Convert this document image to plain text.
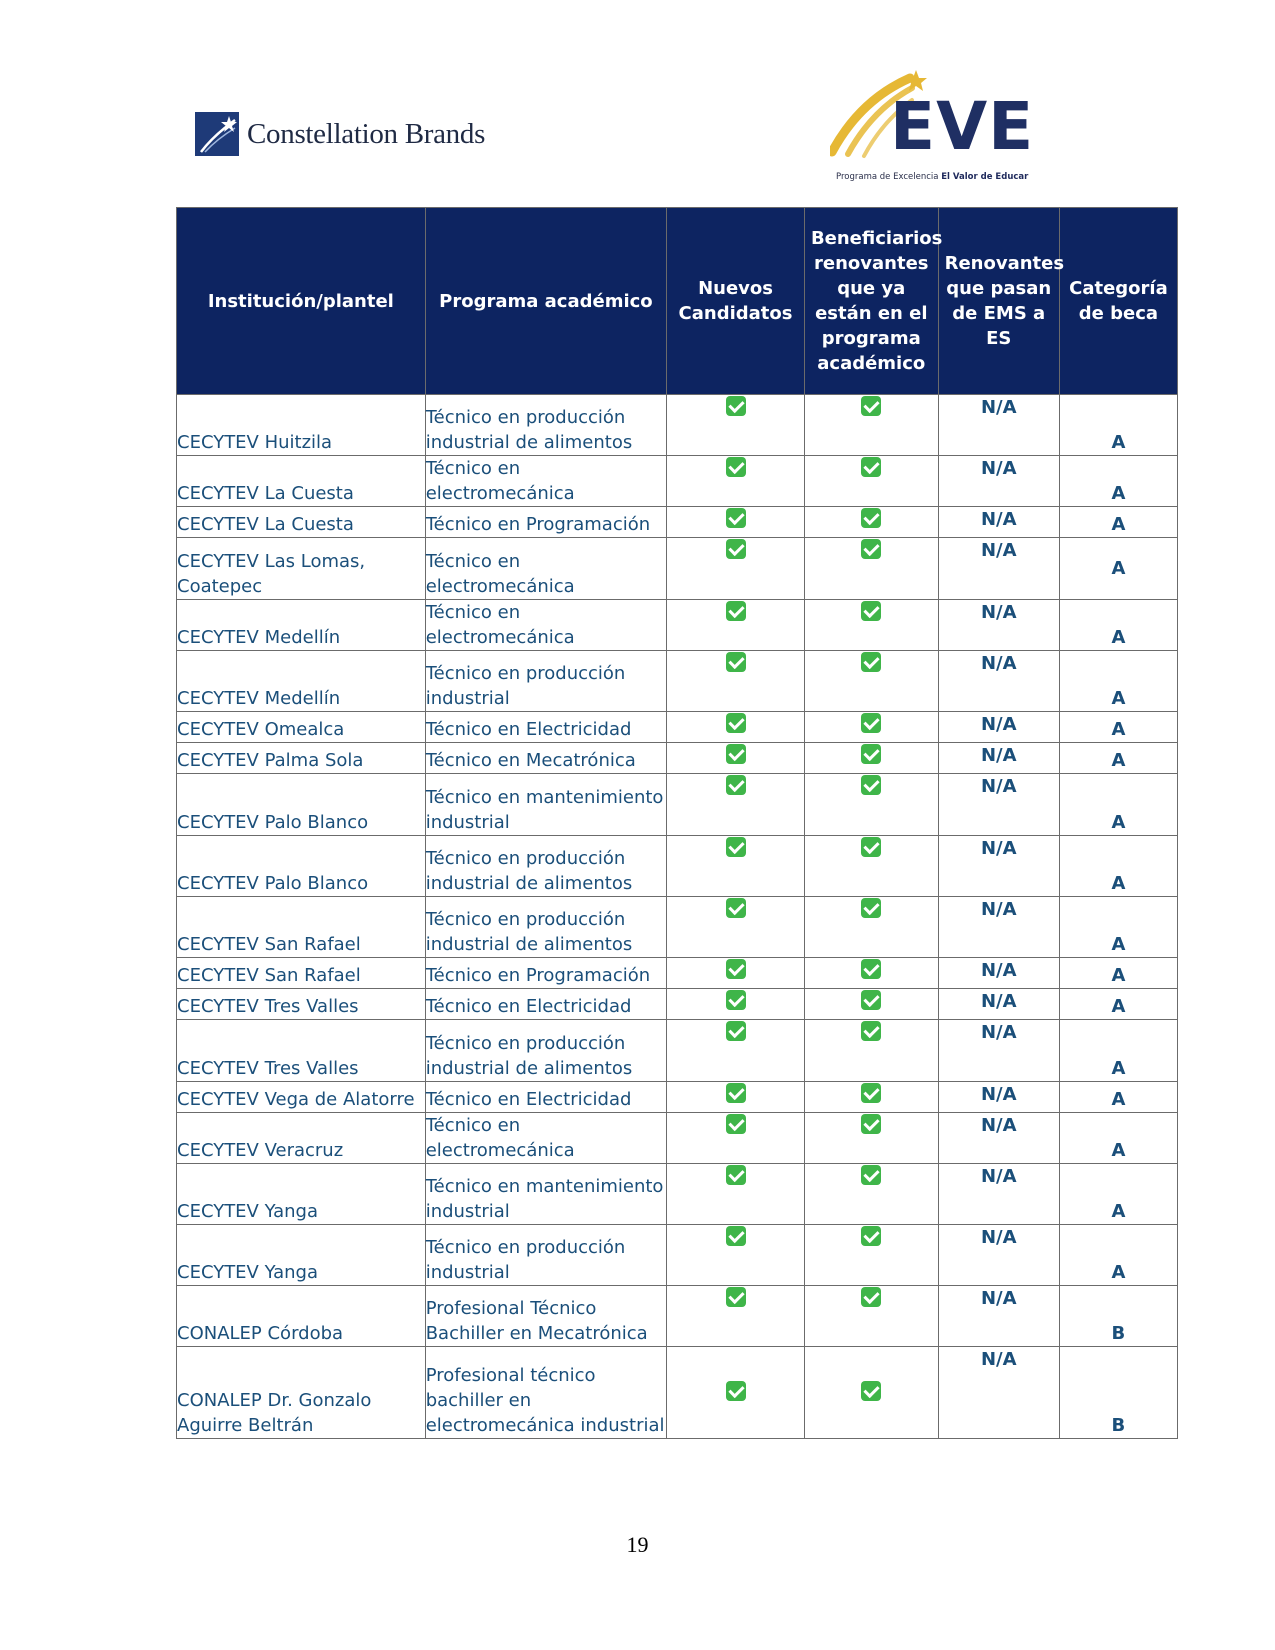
Constellation Brands	EVE
Programa de Excelencia El Valor de Educar
Institución/plantel	Programa académico	Nuevos Candidatos	Beneficiarios renovantes que ya están en el programa académico	Renovantes que pasan de EMS a ES	Categoría de beca
CECYTEV Huitzila	Técnico en producción industrial de alimentos			N/A	A
CECYTEV La Cuesta	Técnico en electromecánica			N/A	A
CECYTEV La Cuesta	Técnico en Programación			N/A	A
CECYTEV Las Lomas, Coatepec	Técnico en electromecánica			N/A	A
CECYTEV Medellín	Técnico en electromecánica			N/A	A
CECYTEV Medellín	Técnico en producción industrial			N/A	A
CECYTEV Omealca	Técnico en Electricidad			N/A	A
CECYTEV Palma Sola	Técnico en Mecatrónica			N/A	A
CECYTEV Palo Blanco	Técnico en mantenimiento industrial			N/A	A
CECYTEV Palo Blanco	Técnico en producción industrial de alimentos			N/A	A
CECYTEV San Rafael	Técnico en producción industrial de alimentos			N/A	A
CECYTEV San Rafael	Técnico en Programación			N/A	A
CECYTEV Tres Valles	Técnico en Electricidad			N/A	A
CECYTEV Tres Valles	Técnico en producción industrial de alimentos			N/A	A
CECYTEV Vega de Alatorre	Técnico en Electricidad			N/A	A
CECYTEV Veracruz	Técnico en electromecánica			N/A	A
CECYTEV Yanga	Técnico en mantenimiento industrial			N/A	A
CECYTEV Yanga	Técnico en producción industrial			N/A	A
CONALEP Córdoba	Profesional Técnico Bachiller en Mecatrónica			N/A	B
CONALEP Dr. Gonzalo Aguirre Beltrán	Profesional técnico bachiller en electromecánica industrial			N/A	B
19
